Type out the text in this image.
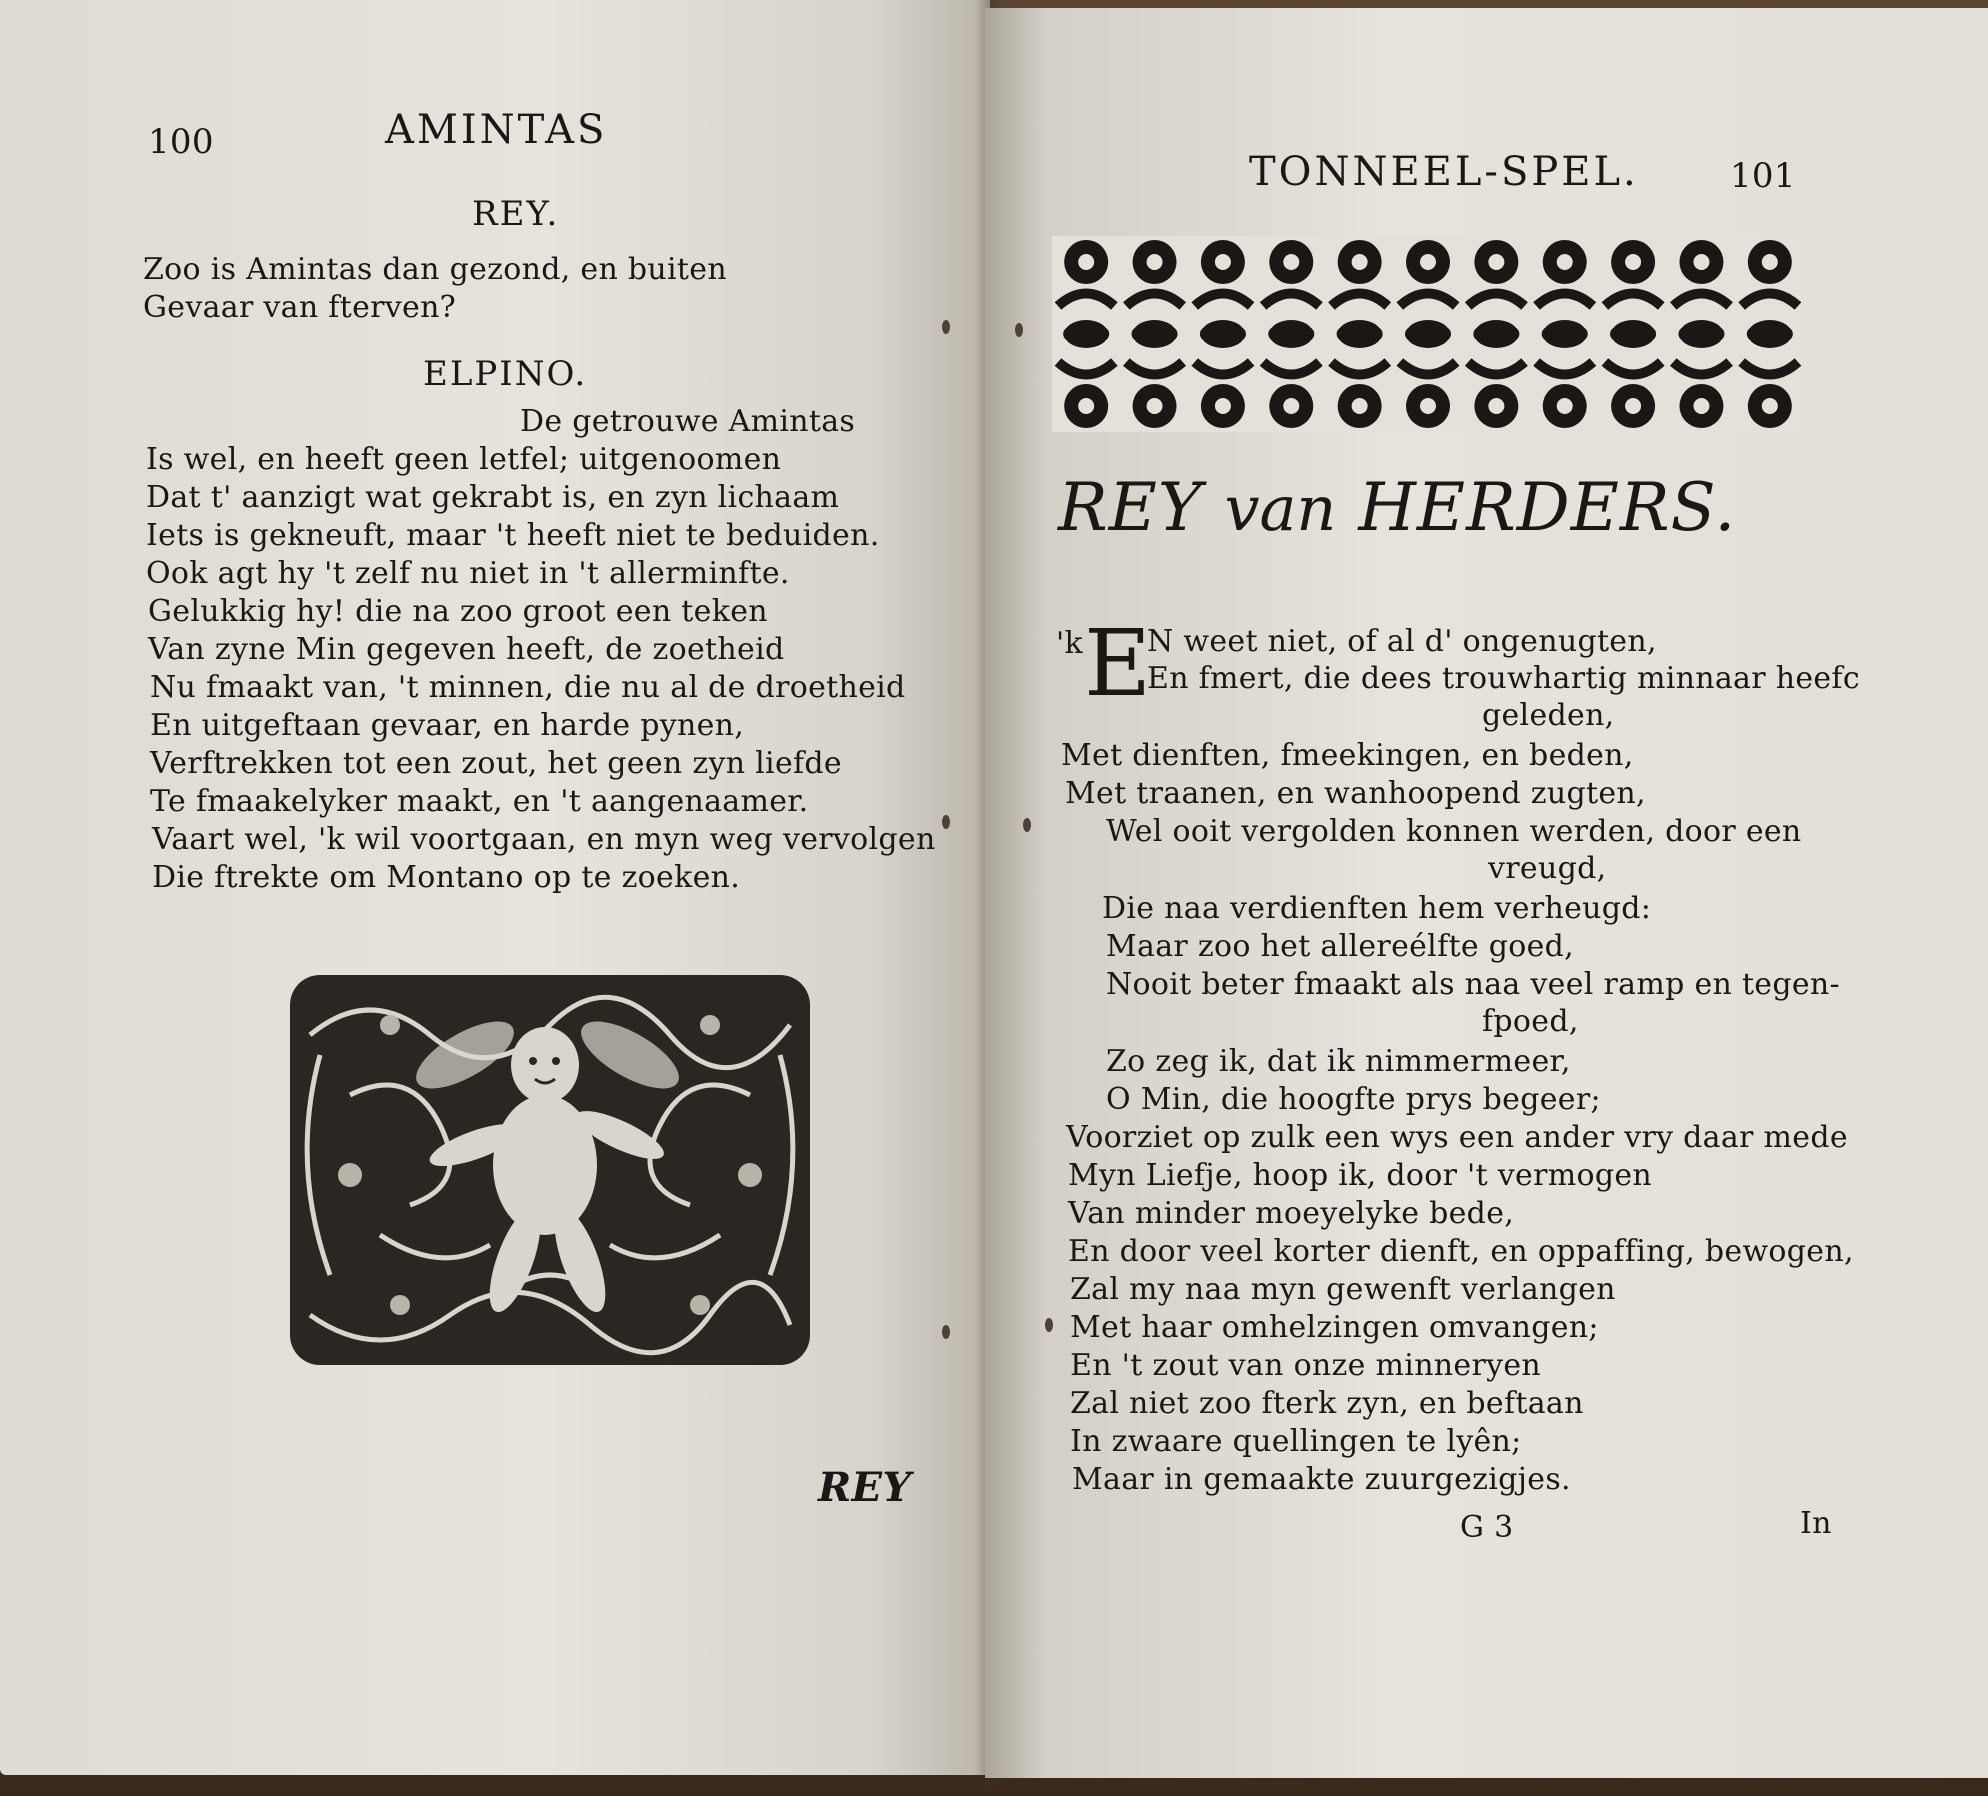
100	AMINTAS
REY.
Zoo is Amintas dan gezond, en buiten
Gevaar van fterven?
ELPINO.
De getrouwe Amintas
Is wel, en heeft geen letfel; uitgenoomen
Dat t' aanzigt wat gekrabt is, en zyn lichaam
Iets is gekneuft, maar 't heeft niet te beduiden.
Ook agt hy 't zelf nu niet in 't allerminfte.
Gelukkig hy! die na zoo groot een teken
Van zyne Min gegeven heeft, de zoetheid
Nu fmaakt van, 't minnen, die nu al de droetheid
En uitgeftaan gevaar, en harde pynen,
Verftrekken tot een zout, het geen zyn liefde
Te fmaakelyker maakt, en 't aangenaamer.
Vaart wel, 'k wil voortgaan, en myn weg vervolgen
Die ftrekte om Montano op te zoeken.
REY
TONNEEL-SPEL.	101
REY van HERDERS.
'k E
N weet niet, of al d' ongenugten,
En fmert, die dees trouwhartig minnaar heefc
geleden,
Met dienften, fmeekingen, en beden,
Met traanen, en wanhoopend zugten,
Wel ooit vergolden konnen werden, door een
vreugd,
Die naa verdienften hem verheugd:
Maar zoo het allereélfte goed,
Nooit beter fmaakt als naa veel ramp en tegen-
fpoed,
Zo zeg ik, dat ik nimmermeer,
O Min, die hoogfte prys begeer;
Voorziet op zulk een wys een ander vry daar mede
Myn Liefje, hoop ik, door 't vermogen
Van minder moeyelyke bede,
En door veel korter dienft, en oppaffing, bewogen,
Zal my naa myn gewenft verlangen
Met haar omhelzingen omvangen;
En 't zout van onze minneryen
Zal niet zoo fterk zyn, en beftaan
In zwaare quellingen te lyên;
Maar in gemaakte zuurgezigjes.
G 3	In
